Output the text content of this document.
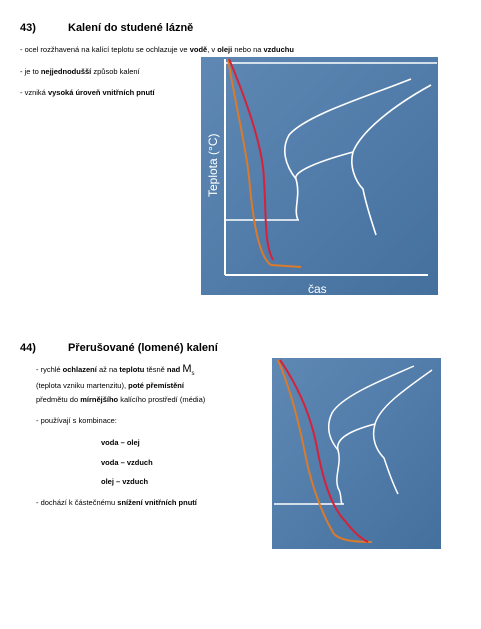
43)	Kalení do studené lázně
- ocel rozžhavená na kalící teplotu se ochlazuje ve vodě, v oleji nebo na vzduchu
- je to nejjednodušší způsob kalení
- vzniká vysoká úroveň vnitřních pnutí
Teplota (°C)
čas
44)	Přerušované (lomené) kalení
- rychlé ochlazení až na teplotu těsně nad $M_s$
(teplota vzniku martenzitu), poté přemístění
předmětu do mírnějšího kalícího prostředí (média)
- používají s kombinace:
voda – olej
voda – vzduch
olej – vzduch
- dochází k částečnému snížení vnitřních pnutí
